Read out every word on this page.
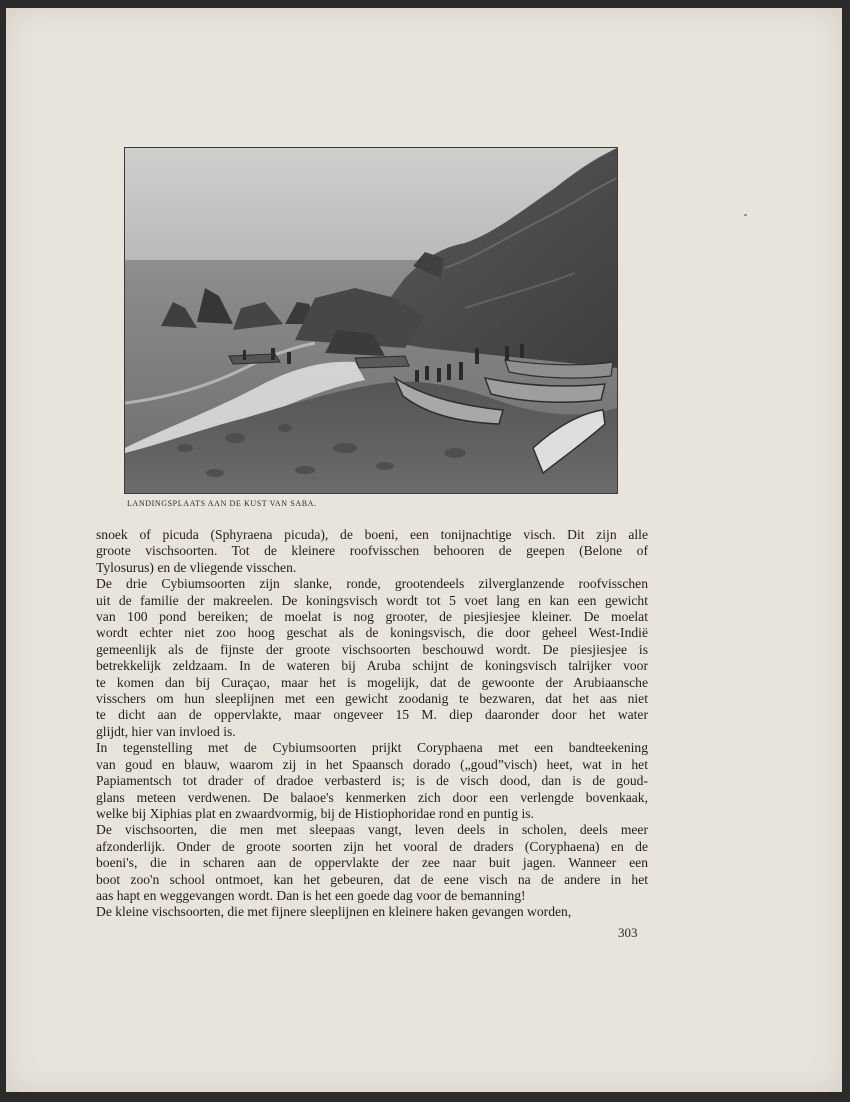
LANDINGSPLAATS AAN DE KUST VAN SABA.
snoek of picuda (Sphyraena picuda), de boeni, een tonijnachtige visch. Dit zijn alle
groote vischsoorten. Tot de kleinere roofvisschen behooren de geepen (Belone of
Tylosurus) en de vliegende visschen.
De drie Cybiumsoorten zijn slanke, ronde, grootendeels zilverglanzende roofvisschen
uit de familie der makreelen. De koningsvisch wordt tot 5 voet lang en kan een gewicht
van 100 pond bereiken; de moelat is nog grooter, de piesjiesjee kleiner. De moelat
wordt echter niet zoo hoog geschat als de koningsvisch, die door geheel West-Indië
gemeenlijk als de fijnste der groote vischsoorten beschouwd wordt. De piesjiesjee is
betrekkelijk zeldzaam. In de wateren bij Aruba schijnt de koningsvisch talrijker voor
te komen dan bij Curaçao, maar het is mogelijk, dat de gewoonte der Arubiaansche
visschers om hun sleeplijnen met een gewicht zoodanig te bezwaren, dat het aas niet
te dicht aan de oppervlakte, maar ongeveer 15 M. diep daaronder door het water
glijdt, hier van invloed is.
In tegenstelling met de Cybiumsoorten prijkt Coryphaena met een bandteekening
van goud en blauw, waarom zij in het Spaansch dorado („goud”visch) heet, wat in het
Papiamentsch tot drader of dradoe verbasterd is; is de visch dood, dan is de goud-
glans meteen verdwenen. De balaoe's kenmerken zich door een verlengde bovenkaak,
welke bij Xiphias plat en zwaardvormig, bij de Histiophoridae rond en puntig is.
De vischsoorten, die men met sleepaas vangt, leven deels in scholen, deels meer
afzonderlijk. Onder de groote soorten zijn het vooral de draders (Coryphaena) en de
boeni's, die in scharen aan de oppervlakte der zee naar buit jagen. Wanneer een
boot zoo'n school ontmoet, kan het gebeuren, dat de eene visch na de andere in het
aas hapt en weggevangen wordt. Dan is het een goede dag voor de bemanning!
De kleine vischsoorten, die met fijnere sleeplijnen en kleinere haken gevangen worden,
303
